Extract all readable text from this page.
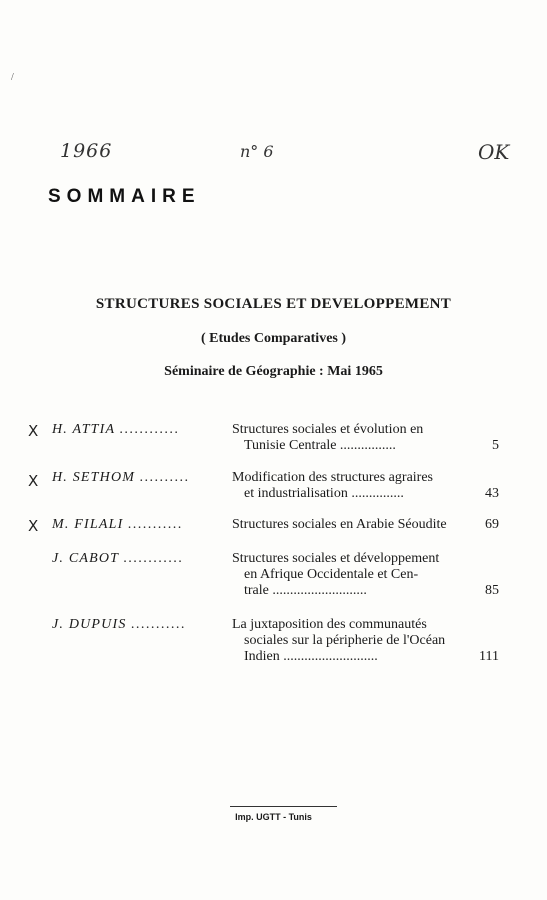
/
1966	n° 6	OK
SOMMAIRE
STRUCTURES SOCIALES ET DEVELOPPEMENT
( Etudes Comparatives )
Séminaire de Géographie : Mai 1965
X H. ATTIA ............	Structures sociales et évolution en
Tunisie Centrale ................	5
X H. SETHOM ..........	Modification des structures agraires
et industrialisation ...............	43
X M. FILALI ...........	Structures sociales en Arabie Séoudite	69
J. CABOT ............	Structures sociales et développement
en Afrique Occidentale et Cen-
trale ...........................	85
J. DUPUIS ...........	La juxtaposition des communautés
sociales sur la péripherie de l'Océan
Indien ...........................	111
Imp. UGTT - Tunis
